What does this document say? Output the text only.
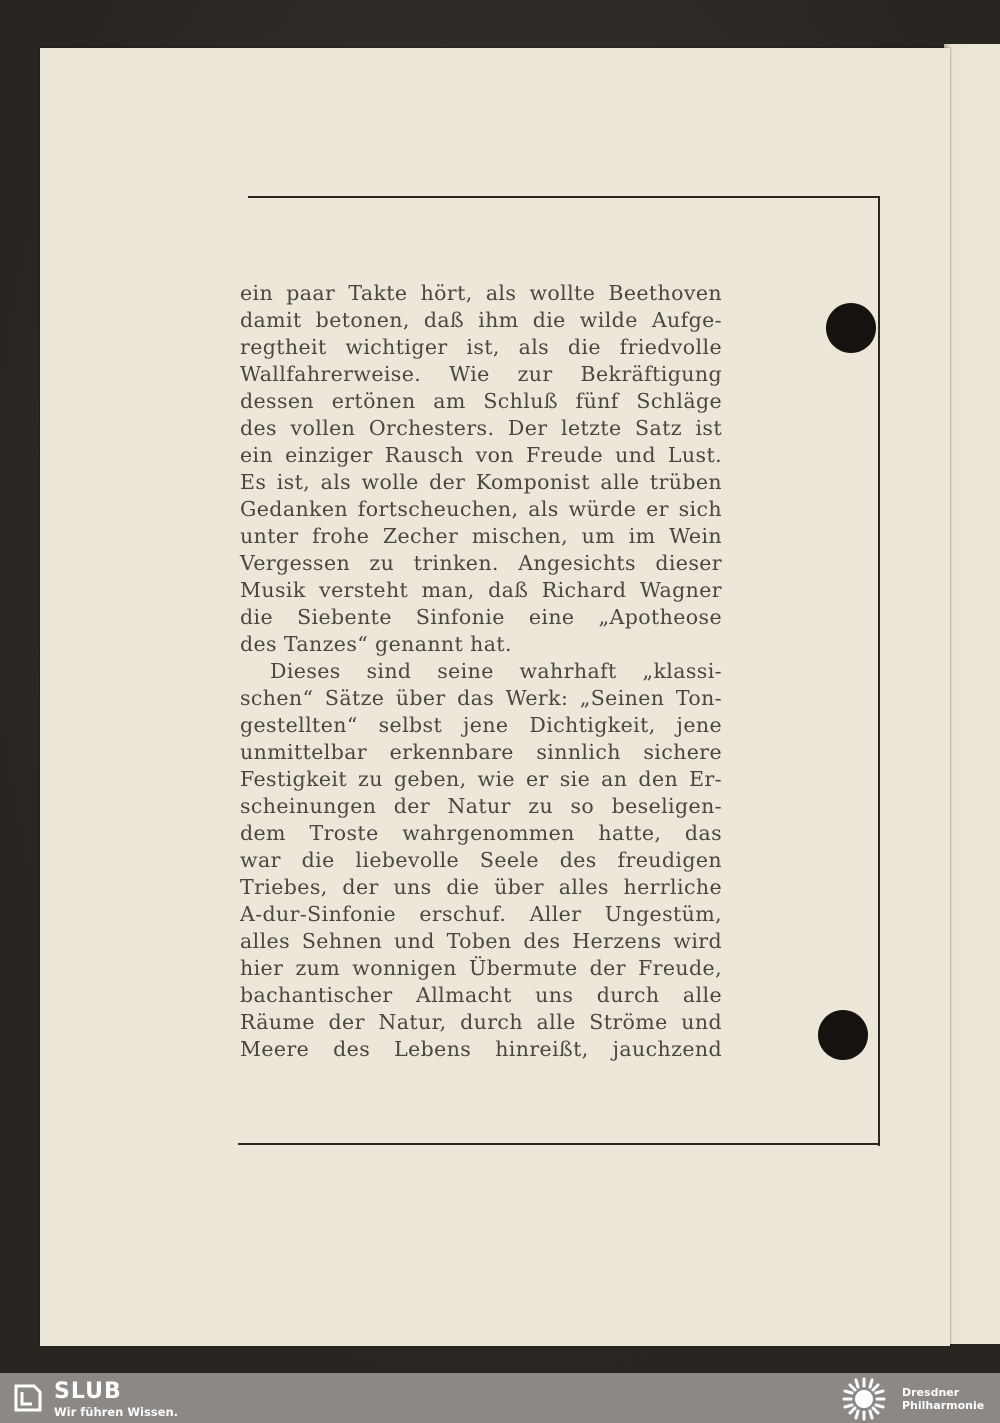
ein paar Takte hört, als wollte Beethoven
damit betonen, daß ihm die wilde Aufge-
regtheit wichtiger ist, als die friedvolle
Wallfahrerweise. Wie zur Bekräftigung
dessen ertönen am Schluß fünf Schläge
des vollen Orchesters. Der letzte Satz ist
ein einziger Rausch von Freude und Lust.
Es ist, als wolle der Komponist alle trüben
Gedanken fortscheuchen, als würde er sich
unter frohe Zecher mischen, um im Wein
Vergessen zu trinken. Angesichts dieser
Musik versteht man, daß Richard Wagner
die Siebente Sinfonie eine „Apotheose
des Tanzes“ genannt hat.
Dieses sind seine wahrhaft „klassi-
schen“ Sätze über das Werk: „Seinen Ton-
gestellten“ selbst jene Dichtigkeit, jene
unmittelbar erkennbare sinnlich sichere
Festigkeit zu geben, wie er sie an den Er-
scheinungen der Natur zu so beseligen-
dem Troste wahrgenommen hatte, das
war die liebevolle Seele des freudigen
Triebes, der uns die über alles herrliche
A-dur-Sinfonie erschuf. Aller Ungestüm,
alles Sehnen und Toben des Herzens wird
hier zum wonnigen Übermute der Freude,
bachantischer Allmacht uns durch alle
Räume der Natur, durch alle Ströme und
Meere des Lebens hinreißt, jauchzend
SLUB
Wir führen Wissen.
Dresdner
Philharmonie
